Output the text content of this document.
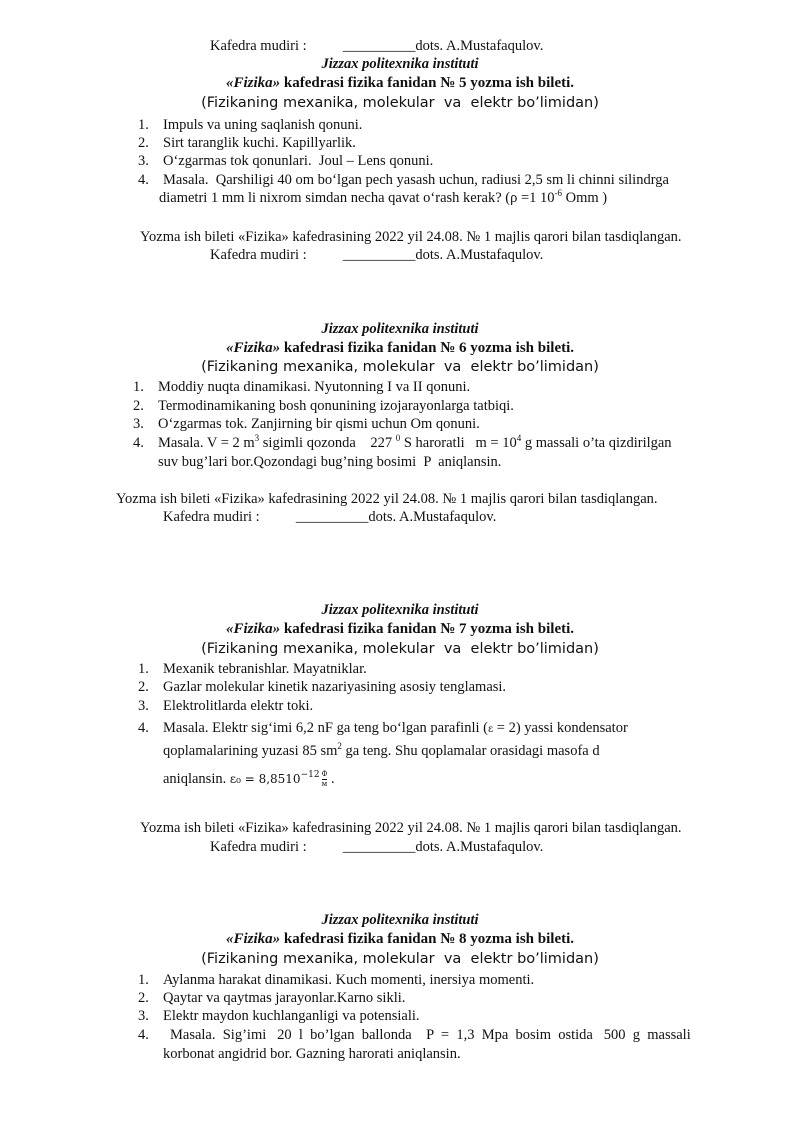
Kafedra mudiri :          __________dots. A.Mustafaqulov.
Jizzax politexnika instituti
«Fizika» kafedrasi fizika fanidan № 5 yozma ish bileti.
(Fizikaning mexanika, molekular  va  elektr bo’limidan)
1. Impuls va uning saqlanish qonuni.
2. Sirt taranglik kuchi. Kapillyarlik.
3. O‘zgarmas tok qonunlari.  Joul – Lens qonuni.
4. Masala.  Qarshiligi 40 om bo‘lgan pech yasash uchun, radiusi 2,5 sm li chinni silindrga
diametri 1 mm li nixrom simdan necha qavat o‘rash kerak? (ρ =1 $10^{-6}$ Omm )
Yozma ish bileti «Fizika» kafedrasining 2022 yil 24.08. № 1 majlis qarori bilan tasdiqlangan.
Kafedra mudiri :          __________dots. A.Mustafaqulov.
Jizzax politexnika instituti
«Fizika» kafedrasi fizika fanidan № 6 yozma ish bileti.
(Fizikaning mexanika, molekular  va  elektr bo’limidan)
1. Moddiy nuqta dinamikasi. Nyutonning I va II qonuni.
2. Termodinamikaning bosh qonunining izojarayonlarga tatbiqi.
3. O‘zgarmas tok. Zanjirning bir qismi uchun Om qonuni.
4. Masala. V = 2 $m^3$ sigimli qozonda    227 $^0$ S haroratli   $m = 10^4$ g massali o’ta qizdirilgan
suv bug’lari bor.Qozondagi bug’ning bosimi  P  aniqlansin.
Yozma ish bileti «Fizika» kafedrasining 2022 yil 24.08. № 1 majlis qarori bilan tasdiqlangan.
Kafedra mudiri :          __________dots. A.Mustafaqulov.
Jizzax politexnika instituti
«Fizika» kafedrasi fizika fanidan № 7 yozma ish bileti.
(Fizikaning mexanika, molekular  va  elektr bo’limidan)
1. Mexanik tebranishlar. Mayatniklar.
2. Gazlar molekular kinetik nazariyasining asosiy tenglamasi.
3. Elektrolitlarda elektr toki.
4. Masala. Elektr sig‘imi 6,2 nF ga teng bo‘lgan parafinli (ε = 2) yassi kondensator
qoplamalarining yuzasi 85 $sm^2$ ga teng. Shu qoplamalar orasidagi masofa d
aniqlansin. $\varepsilon_0 = 8,8510^{-12} \frac{Ф}{м}$ .
Yozma ish bileti «Fizika» kafedrasining 2022 yil 24.08. № 1 majlis qarori bilan tasdiqlangan.
Kafedra mudiri :          __________dots. A.Mustafaqulov.
Jizzax politexnika instituti
«Fizika» kafedrasi fizika fanidan № 8 yozma ish bileti.
(Fizikaning mexanika, molekular  va  elektr bo’limidan)
1. Aylanma harakat dinamikasi. Kuch momenti, inersiya momenti.
2. Qaytar va qaytmas jarayonlar.Karno sikli.
3. Elektr maydon kuchlanganligi va potensiali.
4. Masala.  Sig’imi   20  l  bo’lgan  ballonda    P  =  1,3  Mpa  bosim  ostida   500  g  massali
korbonat angidrid bor. Gazning harorati aniqlansin.
